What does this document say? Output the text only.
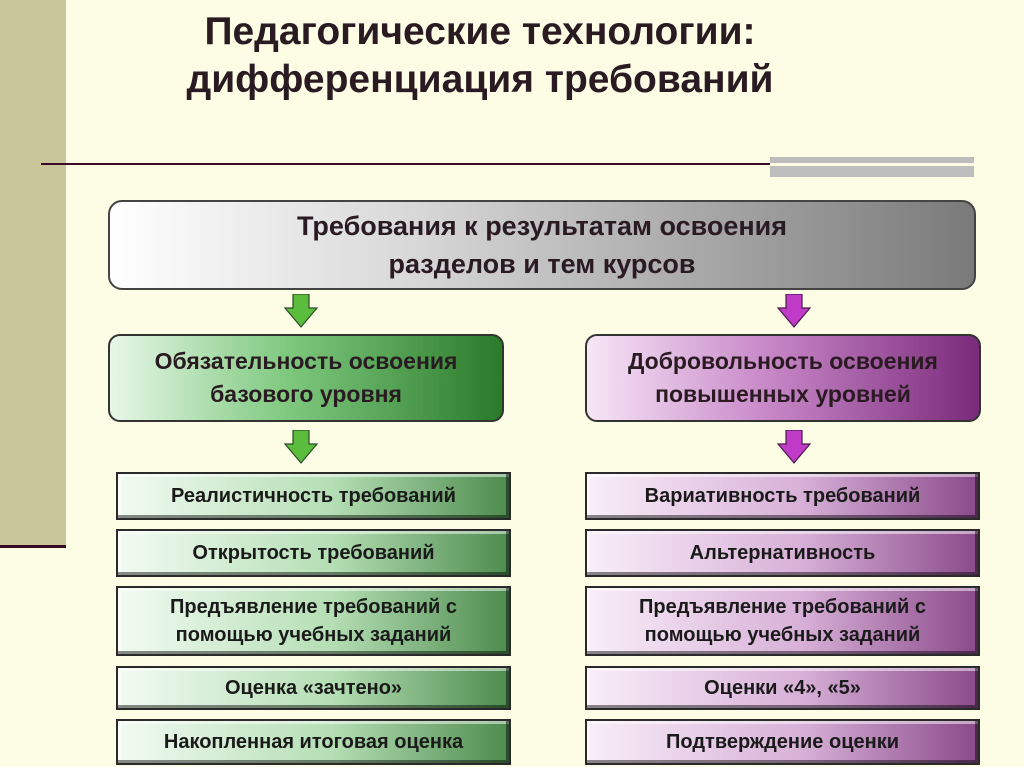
Педагогические технологии:
дифференциация требований
Требования к результатам освоения
разделов и тем курсов
Обязательность освоения
базового уровня
Добровольность освоения
повышенных уровней
Реалистичность требований
Открытость требований
Предъявление требований с
помощью учебных заданий
Оценка «зачтено»
Накопленная итоговая оценка
Вариативность требований
Альтернативность
Предъявление требований с
помощью учебных заданий
Оценки «4», «5»
Подтверждение оценки
